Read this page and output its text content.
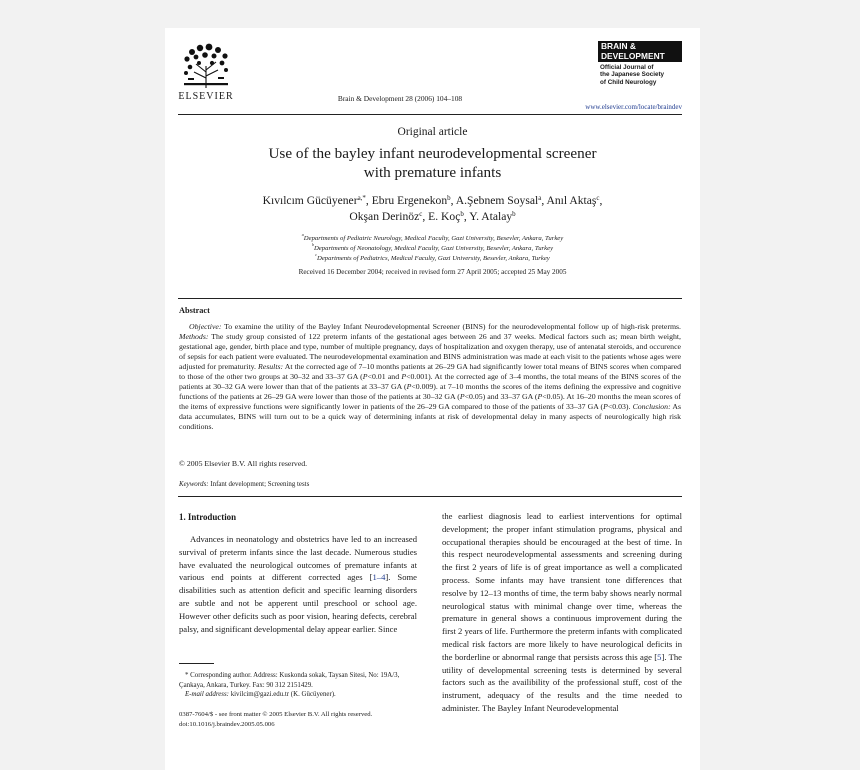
ELSEVIER	Brain & Development 28 (2006) 104–108
BRAIN &
DEVELOPMENT
Official Journal of
the Japanese Society
of Child Neurology
www.elsevier.com/locate/braindev
Original article
Use of the bayley infant neurodevelopmental screener
with premature infants
Kıvılcım Gücüyener$^{a,*}$, Ebru Ergenekon$^b$, A.Şebnem Soysal$^a$, Anıl Aktaş$^c$,
Okşan Derinöz$^c$, E. Koç$^b$, Y. Atalay$^b$
$^a$Departments of Pediatric Neurology, Medical Faculty, Gazi University, Besevler, Ankara, Turkey
$^b$Departments of Neonatology, Medical Faculty, Gazi University, Besevler, Ankara, Turkey
$^c$Departments of Pediatrics, Medical Faculty, Gazi University, Besevler, Ankara, Turkey
Received 16 December 2004; received in revised form 27 April 2005; accepted 25 May 2005
Abstract
Objective: To examine the utility of the Bayley Infant Neurodevelopmental Screener (BINS) for the neurodevelopmental follow up of high-risk preterms. Methods: The study group consisted of 122 preterm infants of the gestational ages between 26 and 37 weeks. Medical factors such as; mean birth weight, gestational age, gender, birth place and type, number of multiple pregnancy, days of hospitalization and oxygen therapy, use of antenatal steroids, and occurence of sepsis for each patient were evaluated. The neurodevelopmental examination and BINS administration was made at each visit to the patients whose ages were adjusted for prematurity. Results: At the corrected age of 7–10 months patients at 26–29 GA had significantly lower total means of BINS scores when compared to those of the other two groups at 30–32 and 33–37 GA (P<0.01 and P<0.001). At the corrected age of 3–4 months, the total means of the BINS scores of the patients at 30–32 GA were lower than that of the patients at 33–37 GA (P<0.009). at 7–10 months the scores of the items defining the expressive and cognitive functions of the patients at 26–29 GA were lower than those of the patients at 30–32 GA (P<0.05) and 33–37 GA (P<0.05). At 16–20 months the mean scores of the items of expressive functions were significantly lower in patients of the 26–29 GA compared to those of the patients of 33–37 GA (P<0.03). Conclusion: As data accumulates, BINS will turn out to be a quick way of determining infants at risk of developmental delay in many aspects of neurologically high risk conditions.
© 2005 Elsevier B.V. All rights reserved.
Keywords: Infant development; Screening tests
1. Introduction
Advances in neonatology and obstetrics have led to an increased survival of preterm infants since the last decade. Numerous studies have evaluated the neurological outcomes of premature infants at various end points at different corrected ages [1–4]. Some disabilities such as attention deficit and specific learning disorders are subtle and not be apperent until preschool or school age. However other deficits such as poor vision, hearing defects, cerebral palsy, and significant developmental delay appear earlier. Since
the earliest diagnosis lead to earliest interventions for optimal development; the proper infant stimulation programs, physical and occupational therapies should be encouraged at the best of time. In this respect neurodevelopmental assessments and screening during the first 2 years of life is of great importance as well a complicated process. Some infants may have transient tone differences that resolve by 12–13 months of time, the term baby shows nearly normal neurological status with minimal change over time, whereas the premature in general shows a continuous improvement during the first 2 years of life. Furthermore the preterm infants with complicated medical risk factors are more likely to have neurological deficits in the borderline or abnormal range that persists across this age [5]. The utility of developmental screening tests is determined by several factors such as the availibility of the professional stuff, cost of the instrument, adequacy of the results and the time needed to administer. The Bayley Infant Neurodevelopmental
* Corresponding author. Address: Kuskonda sokak, Taysan Sitesi, No: 19A/3, Çankaya, Ankara, Turkey. Fax: 90 312 2151429.
E-mail address: kivilcim@gazi.edu.tr (K. Gücüyener).
0387-7604/$ - see front matter © 2005 Elsevier B.V. All rights reserved.
doi:10.1016/j.braindev.2005.05.006
